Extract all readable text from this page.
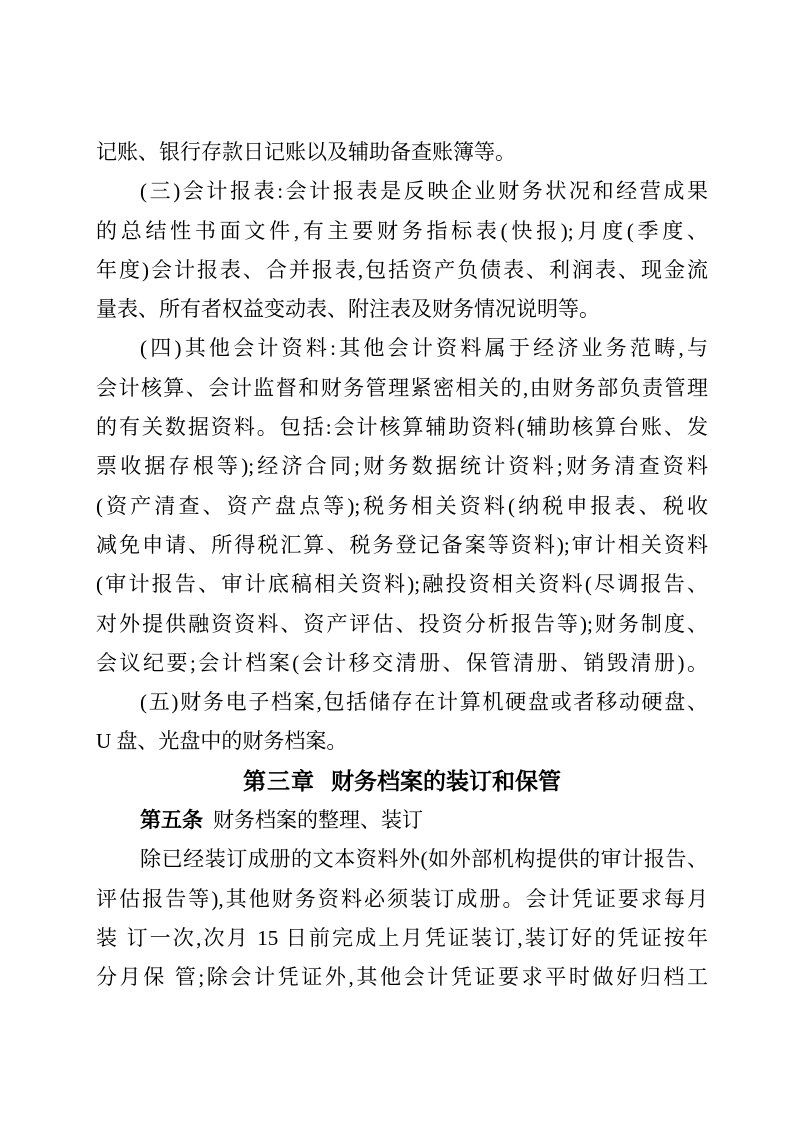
记账、银行存款日记账以及辅助备查账簿等。
(三)会计报表:会计报表是反映企业财务状况和经营成果
的总结性书面文件,有主要财务指标表(快报);月度(季度、
年度)会计报表、合并报表,包括资产负债表、利润表、现金流
量表、所有者权益变动表、附注表及财务情况说明等。
(四)其他会计资料:其他会计资料属于经济业务范畴,与
会计核算、会计监督和财务管理紧密相关的,由财务部负责管理
的有关数据资料。包括:会计核算辅助资料(辅助核算台账、发
票收据存根等);经济合同;财务数据统计资料;财务清查资料
(资产清查、资产盘点等);税务相关资料(纳税申报表、税收
减免申请、所得税汇算、税务登记备案等资料);审计相关资料
(审计报告、审计底稿相关资料);融投资相关资料(尽调报告、
对外提供融资资料、资产评估、投资分析报告等);财务制度、
会议纪要;会计档案(会计移交清册、保管清册、销毁清册)。
(五)财务电子档案,包括储存在计算机硬盘或者移动硬盘、
U 盘、光盘中的财务档案。
第三章 财务档案的装订和保管
第五条 财务档案的整理、装订
除已经装订成册的文本资料外(如外部机构提供的审计报告、
评估报告等),其他财务资料必须装订成册。会计凭证要求每月
装 订一次,次月 15 日前完成上月凭证装订,装订好的凭证按年
分月保 管;除会计凭证外,其他会计凭证要求平时做好归档工
